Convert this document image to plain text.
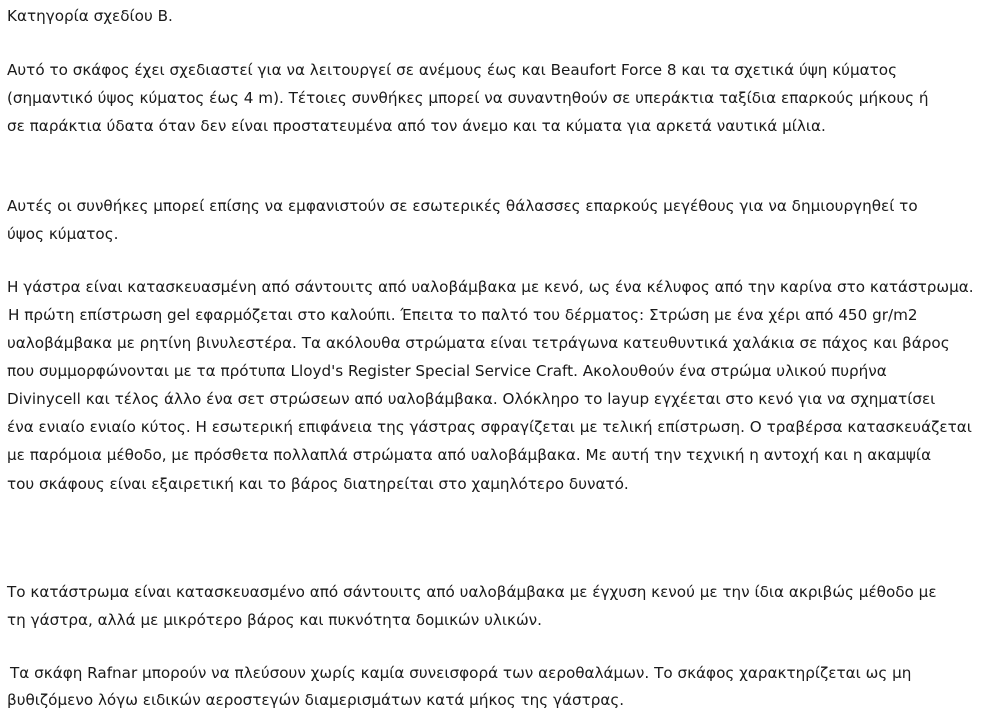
Κατηγορία σχεδίου Β.
Αυτό το σκάφος έχει σχεδιαστεί για να λειτουργεί σε ανέμους έως και Beaufort Force 8 και τα σχετικά ύψη κύματος
(σημαντικό ύψος κύματος έως 4 m). Τέτοιες συνθήκες μπορεί να συναντηθούν σε υπεράκτια ταξίδια επαρκούς μήκους ή
σε παράκτια ύδατα όταν δεν είναι προστατευμένα από τον άνεμο και τα κύματα για αρκετά ναυτικά μίλια.
Αυτές οι συνθήκες μπορεί επίσης να εμφανιστούν σε εσωτερικές θάλασσες επαρκούς μεγέθους για να δημιουργηθεί το
ύψος κύματος.
Η γάστρα είναι κατασκευασμένη από σάντουιτς από υαλοβάμβακα με κενό, ως ένα κέλυφος από την καρίνα στο κατάστρωμα.
Η πρώτη επίστρωση gel εφαρμόζεται στο καλούπι. Έπειτα το παλτό του δέρματος: Στρώση με ένα χέρι από 450 gr/m2
υαλοβάμβακα με ρητίνη βινυλεστέρα. Τα ακόλουθα στρώματα είναι τετράγωνα κατευθυντικά χαλάκια σε πάχος και βάρος
που συμμορφώνονται με τα πρότυπα Lloyd's Register Special Service Craft. Ακολουθούν ένα στρώμα υλικού πυρήνα
Divinycell και τέλος άλλο ένα σετ στρώσεων από υαλοβάμβακα. Ολόκληρο το layup εγχέεται στο κενό για να σχηματίσει
ένα ενιαίο ενιαίο κύτος. Η εσωτερική επιφάνεια της γάστρας σφραγίζεται με τελική επίστρωση. Ο τραβέρσα κατασκευάζεται
με παρόμοια μέθοδο, με πρόσθετα πολλαπλά στρώματα από υαλοβάμβακα. Με αυτή την τεχνική η αντοχή και η ακαμψία
του σκάφους είναι εξαιρετική και το βάρος διατηρείται στο χαμηλότερο δυνατό.
Το κατάστρωμα είναι κατασκευασμένο από σάντουιτς από υαλοβάμβακα με έγχυση κενού με την ίδια ακριβώς μέθοδο με
τη γάστρα, αλλά με μικρότερο βάρος και πυκνότητα δομικών υλικών.
Τα σκάφη Rafnar μπορούν να πλεύσουν χωρίς καμία συνεισφορά των αεροθαλάμων. Το σκάφος χαρακτηρίζεται ως μη
βυθιζόμενο λόγω ειδικών αεροστεγών διαμερισμάτων κατά μήκος της γάστρας.
